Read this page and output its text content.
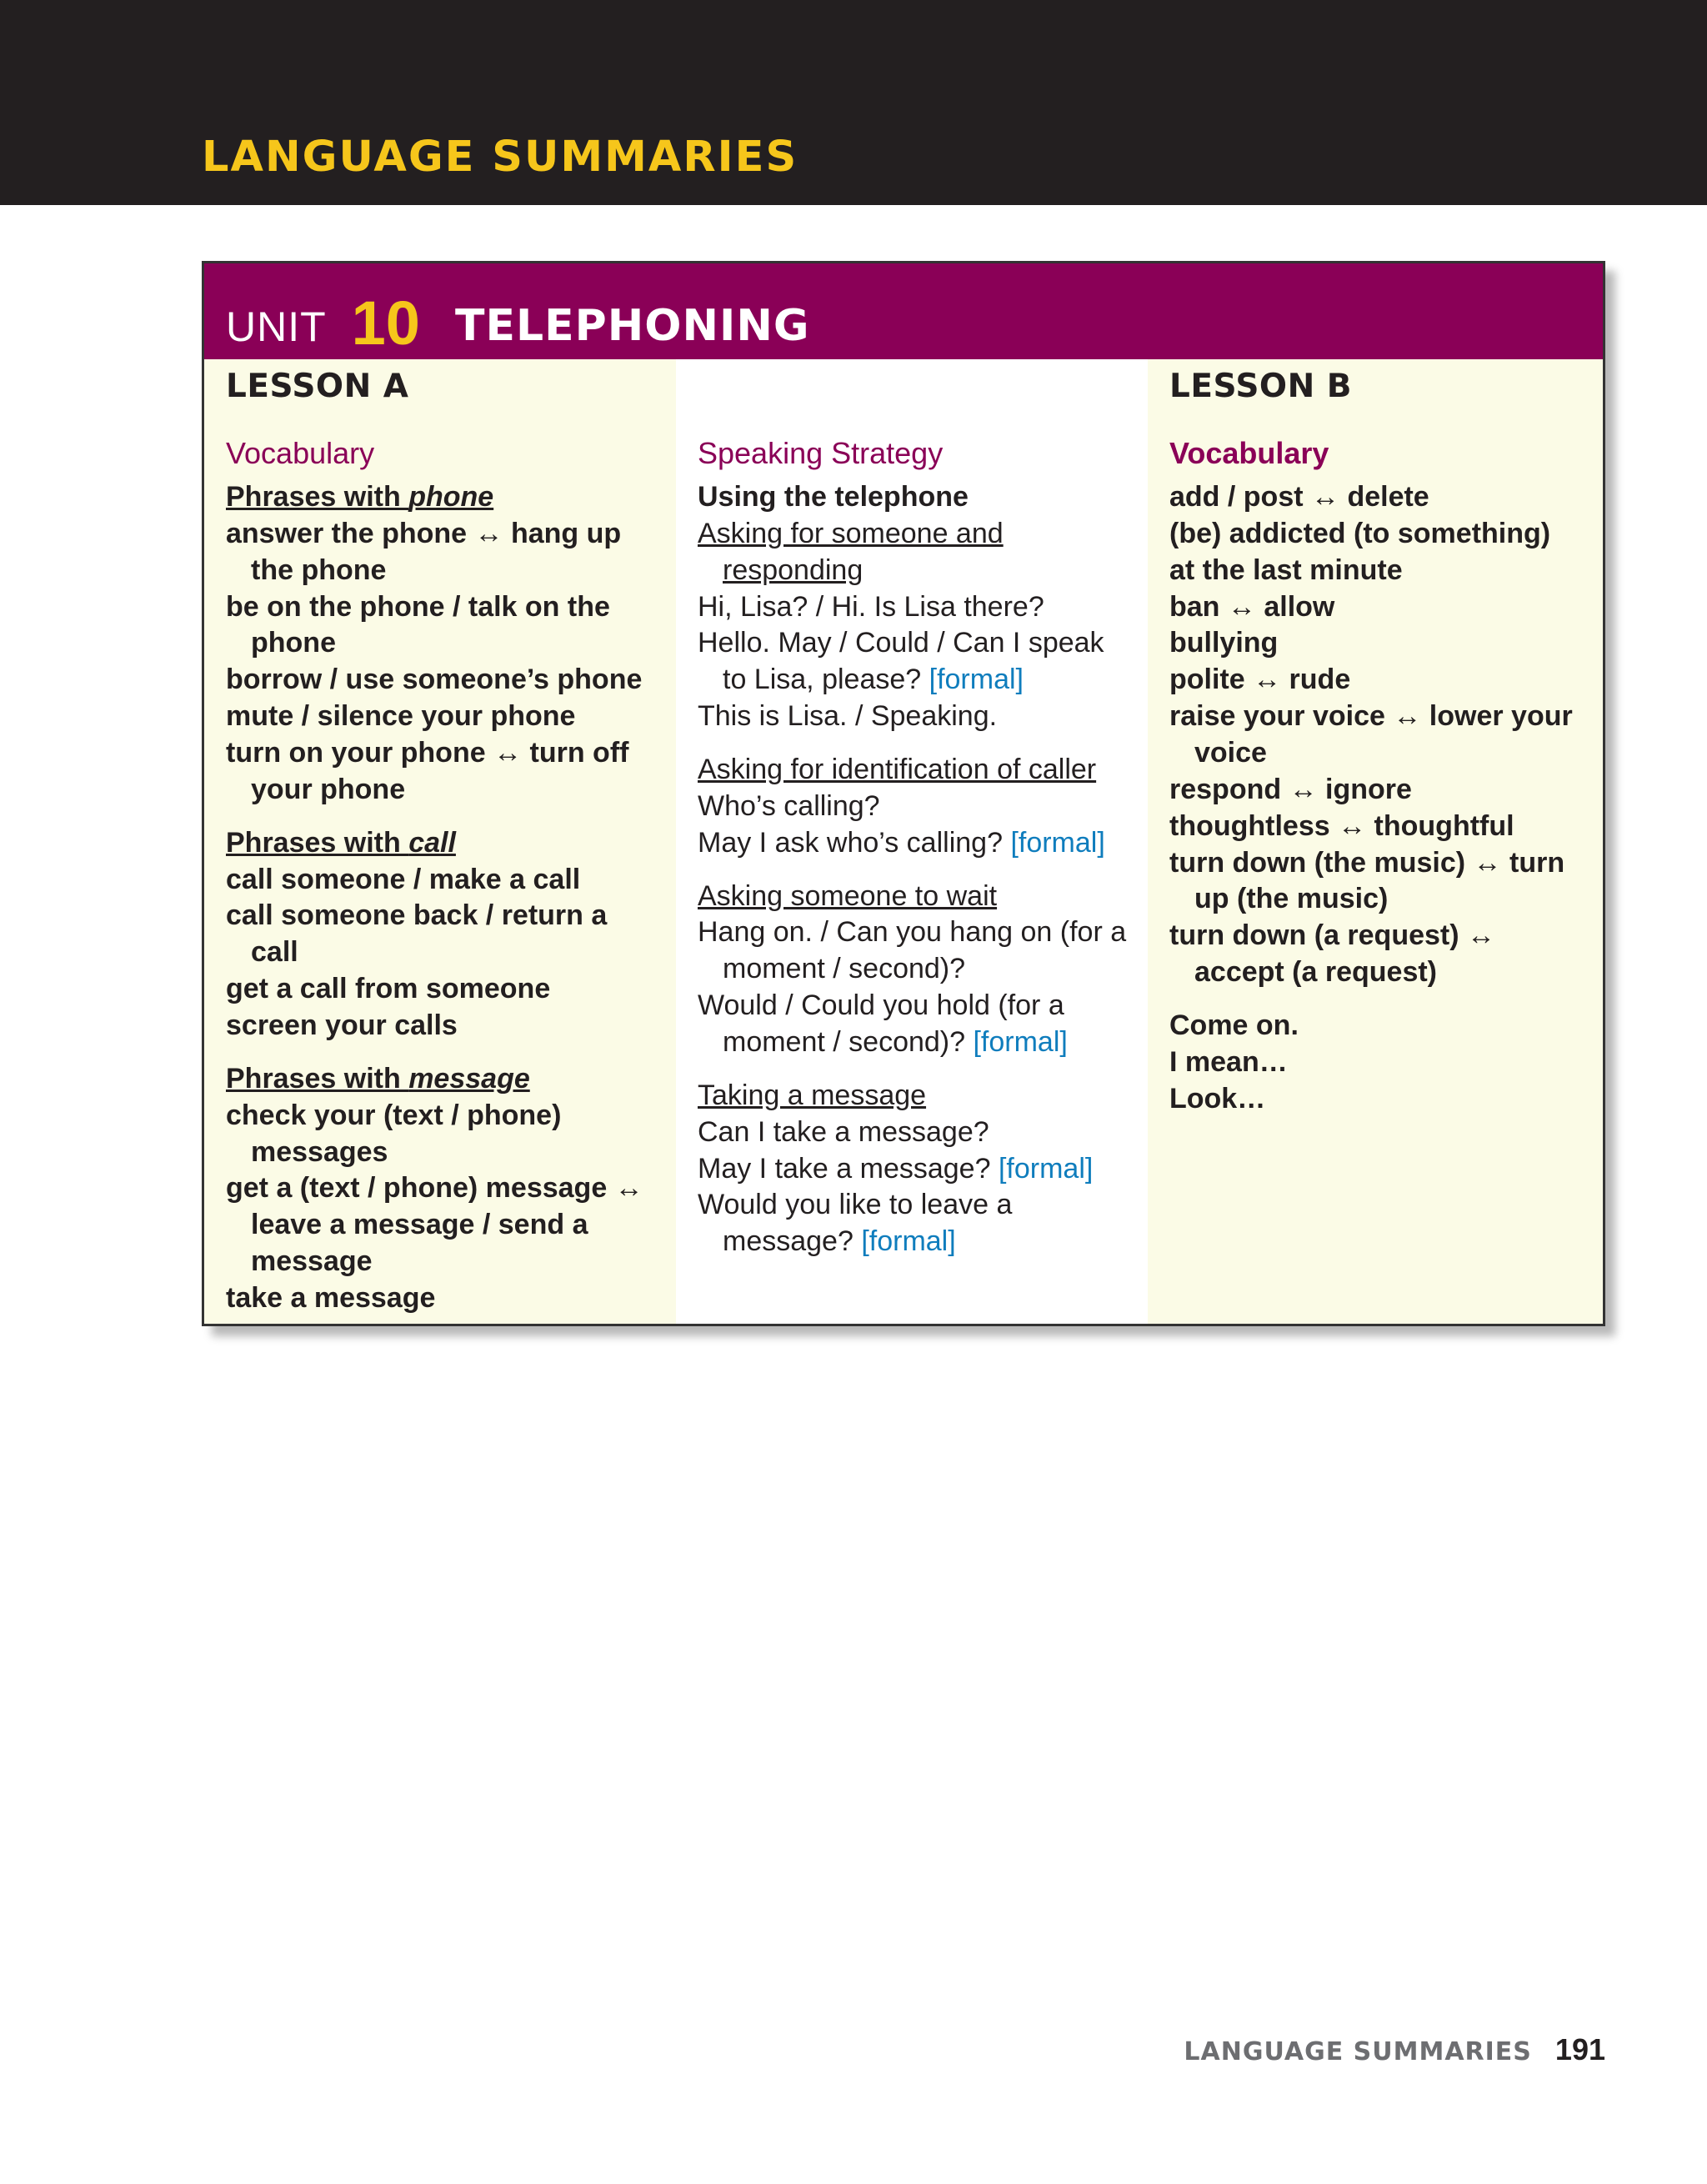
LANGUAGE SUMMARIES
UNIT 10 TELEPHONING
LESSON A
Vocabulary
Phrases with phone
answer the phone ↔ hang up the phone
be on the phone / talk on the phone
borrow / use someone’s phone
mute / silence your phone
turn on your phone ↔ turn off your phone
Phrases with call
call someone / make a call
call someone back / return a call
get a call from someone
screen your calls
Phrases with message
check your (text / phone) messages
get a (text / phone) message ↔ leave a message / send a message
take a message
Speaking Strategy
Using the telephone
Asking for someone and responding
Hi, Lisa? / Hi. Is Lisa there?
Hello. May / Could / Can I speak to Lisa, please? [formal]
This is Lisa. / Speaking.
Asking for identification of caller
Who’s calling?
May I ask who’s calling? [formal]
Asking someone to wait
Hang on. / Can you hang on (for a moment / second)?
Would / Could you hold (for a moment / second)? [formal]
Taking a message
Can I take a message?
May I take a message? [formal]
Would you like to leave a message? [formal]
LESSON B
Vocabulary
add / post ↔ delete
(be) addicted (to something)
at the last minute
ban ↔ allow
bullying
polite ↔ rude
raise your voice ↔ lower your voice
respond ↔ ignore
thoughtless ↔ thoughtful
turn down (the music) ↔ turn up (the music)
turn down (a request) ↔ accept (a request)
Come on.
I mean…
Look…
LANGUAGE SUMMARIES 191
